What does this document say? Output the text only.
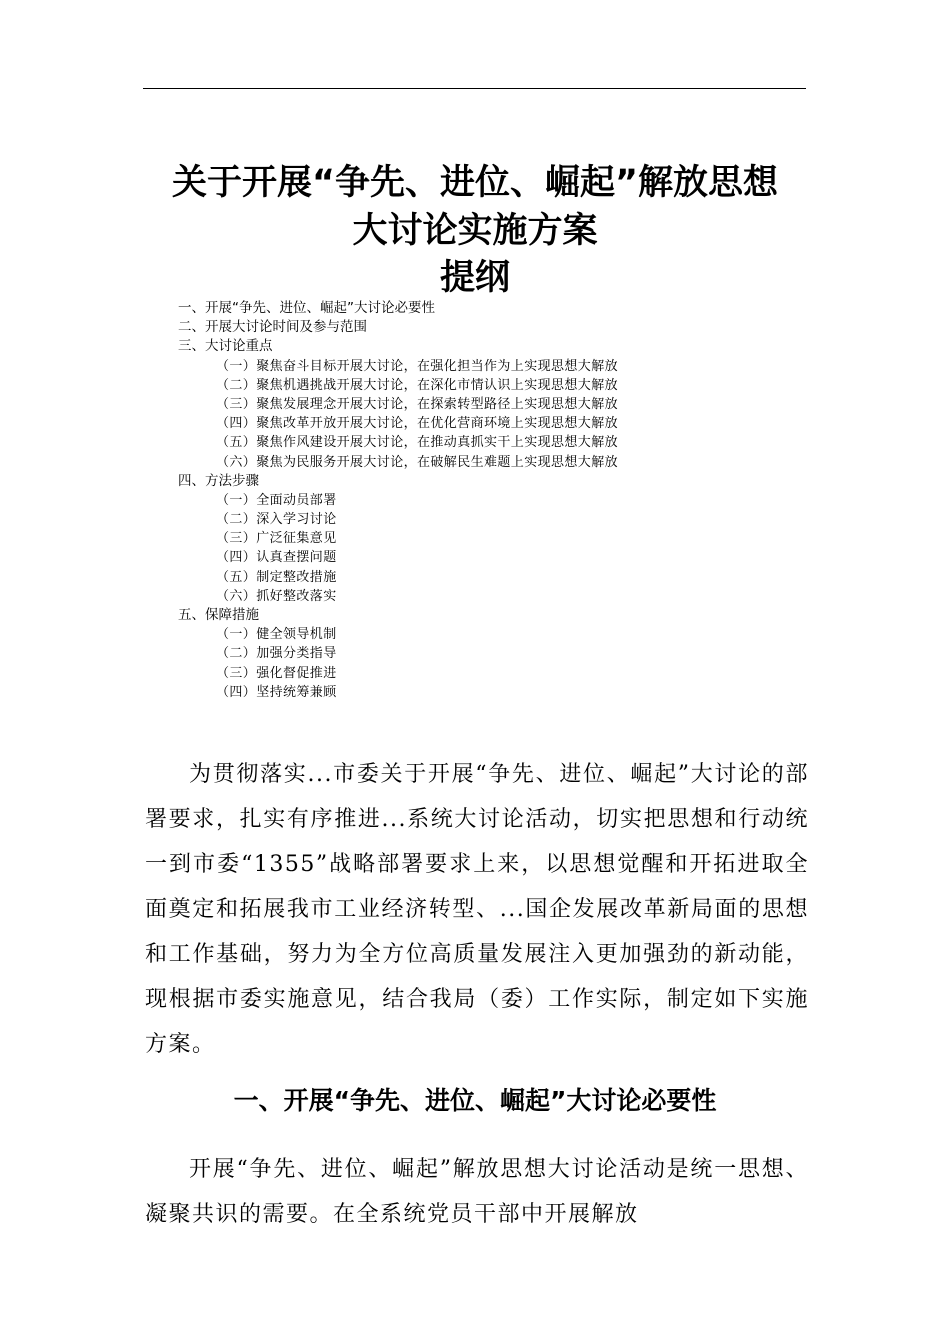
关于开展“争先、进位、崛起”解放思想
大讨论实施方案
提纲
一、开展“争先、进位、崛起”大讨论必要性
二、开展大讨论时间及参与范围
三、大讨论重点
（一）聚焦奋斗目标开展大讨论，在强化担当作为上实现思想大解放
（二）聚焦机遇挑战开展大讨论，在深化市情认识上实现思想大解放
（三）聚焦发展理念开展大讨论，在探索转型路径上实现思想大解放
（四）聚焦改革开放开展大讨论，在优化营商环境上实现思想大解放
（五）聚焦作风建设开展大讨论，在推动真抓实干上实现思想大解放
（六）聚焦为民服务开展大讨论，在破解民生难题上实现思想大解放
四、方法步骤
（一）全面动员部署
（二）深入学习讨论
（三）广泛征集意见
（四）认真查摆问题
（五）制定整改措施
（六）抓好整改落实
五、保障措施
（一）健全领导机制
（二）加强分类指导
（三）强化督促推进
（四）坚持统筹兼顾

为贯彻落实...市委关于开展“争先、进位、崛起”大讨论的部署要求，扎实有序推进...系统大讨论活动，切实把思想和行动统一到市委“1355”战略部署要求上来，以思想觉醒和开拓进取全面奠定和拓展我市工业经济转型、...国企发展改革新局面的思想和工作基础，努力为全方位高质量发展注入更加强劲的新动能，现根据市委实施意见，结合我局（委）工作实际，制定如下实施方案。

一、开展“争先、进位、崛起”大讨论必要性

开展“争先、进位、崛起”解放思想大讨论活动是统一思想、凝聚共识的需要。在全系统党员干部中开展解放
